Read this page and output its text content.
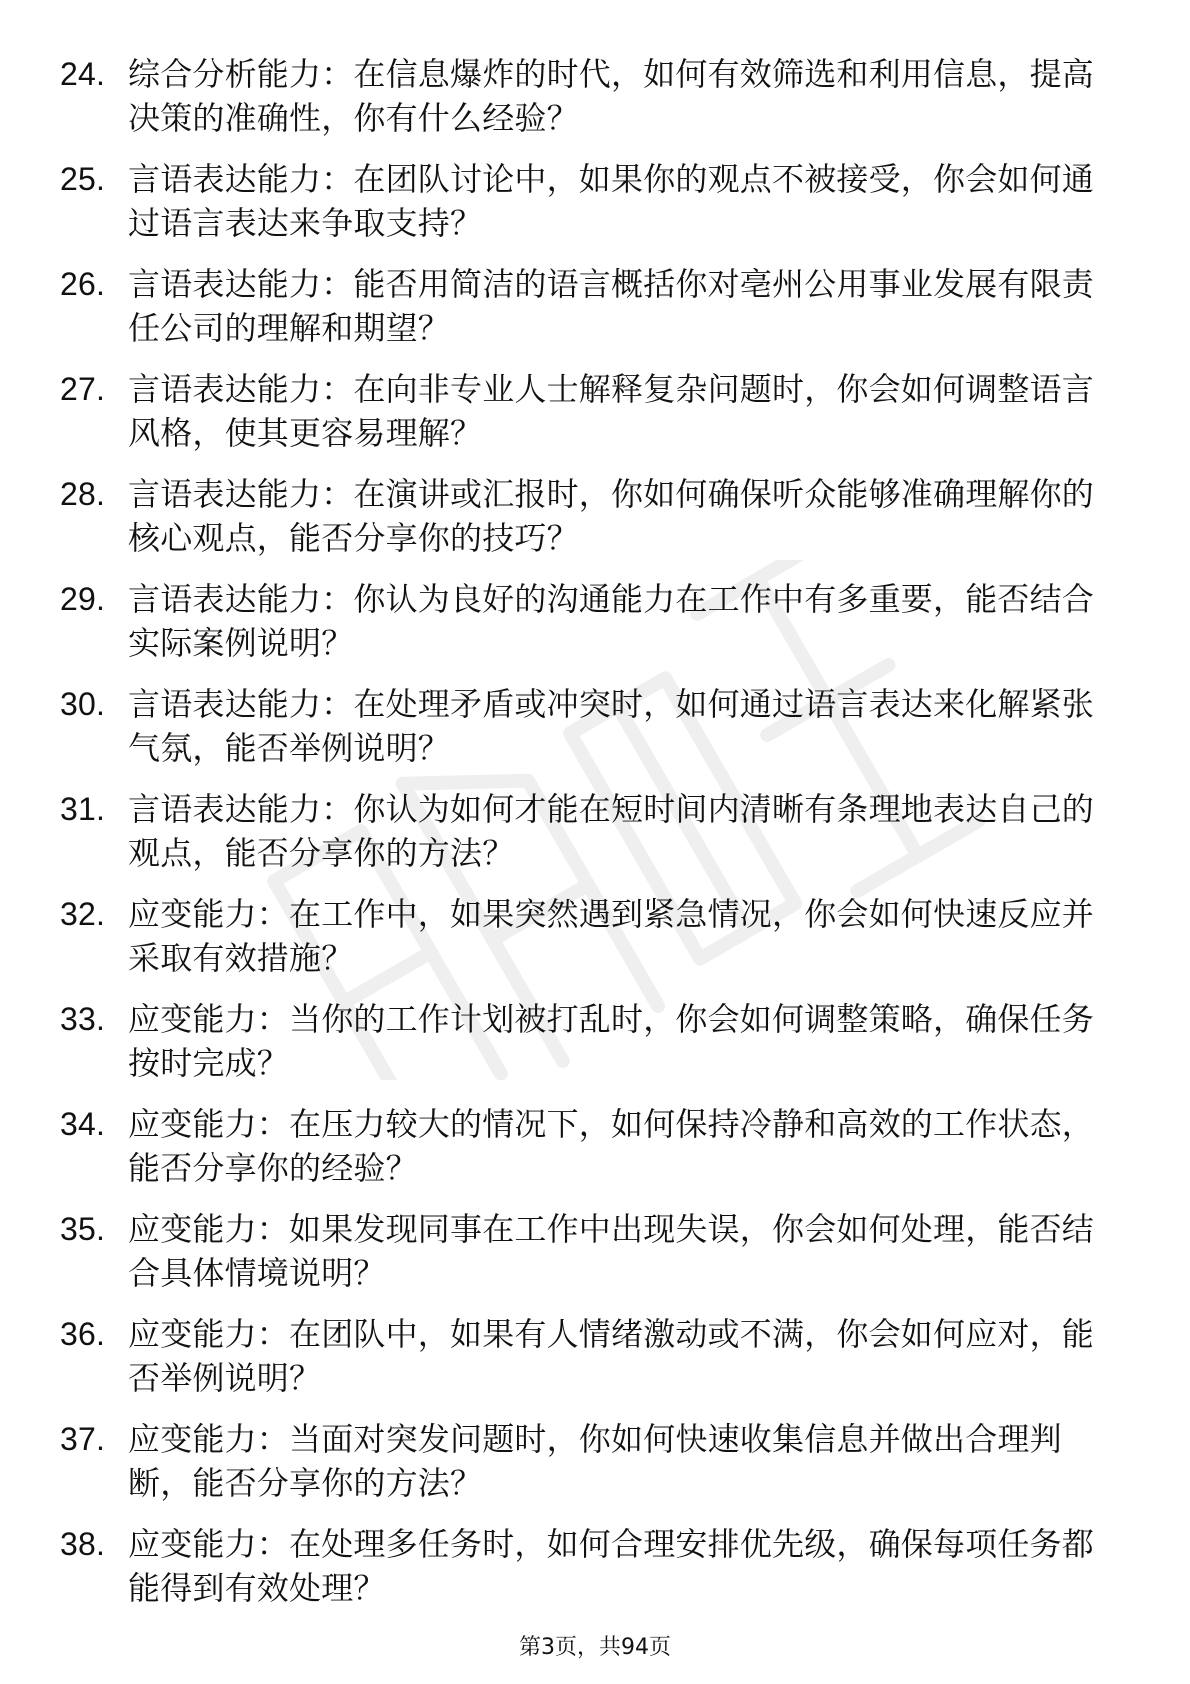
24. 综合分析能力：在信息爆炸的时代，如何有效筛选和利用信息，提高决策的准确性，你有什么经验？
25. 言语表达能力：在团队讨论中，如果你的观点不被接受，你会如何通过语言表达来争取支持？
26. 言语表达能力：能否用简洁的语言概括你对亳州公用事业发展有限责任公司的理解和期望？
27. 言语表达能力：在向非专业人士解释复杂问题时，你会如何调整语言风格，使其更容易理解？
28. 言语表达能力：在演讲或汇报时，你如何确保听众能够准确理解你的核心观点，能否分享你的技巧？
29. 言语表达能力：你认为良好的沟通能力在工作中有多重要，能否结合实际案例说明？
30. 言语表达能力：在处理矛盾或冲突时，如何通过语言表达来化解紧张气氛，能否举例说明？
31. 言语表达能力：你认为如何才能在短时间内清晰有条理地表达自己的观点，能否分享你的方法？
32. 应变能力：在工作中，如果突然遇到紧急情况，你会如何快速反应并采取有效措施？
33. 应变能力：当你的工作计划被打乱时，你会如何调整策略，确保任务按时完成？
34. 应变能力：在压力较大的情况下，如何保持冷静和高效的工作状态，能否分享你的经验？
35. 应变能力：如果发现同事在工作中出现失误，你会如何处理，能否结合具体情境说明？
36. 应变能力：在团队中，如果有人情绪激动或不满，你会如何应对，能否举例说明？
37. 应变能力：当面对突发问题时，你如何快速收集信息并做出合理判断，能否分享你的方法？
38. 应变能力：在处理多任务时，如何合理安排优先级，确保每项任务都能得到有效处理？
第3页，共94页
